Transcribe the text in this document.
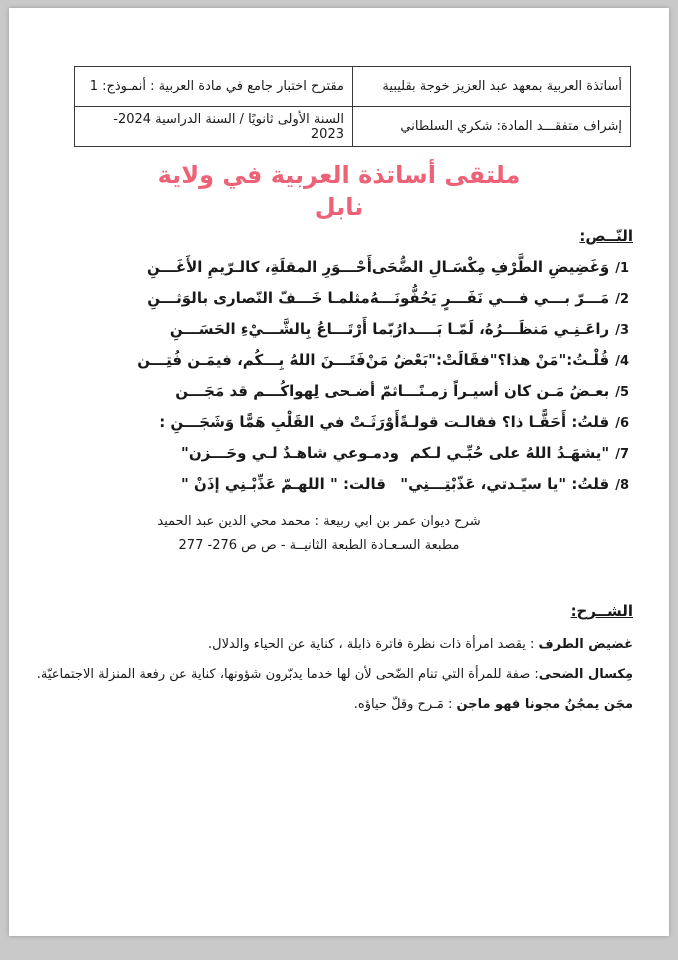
أساتذة العربية بمعهد عبد العزيز خوجة بقليبية	مقترح اختبار جامع في مادة العربية : أنمـوذج: 1
إشراف متفقـــد المادة: شكري السلطاني	السنة الأولى ثانويًا / السنة الدراسية 2024-2023
ملتقى أساتذة العربية في ولاية
نابل
النّــص:
/1وَغَضِيضِ الطَّرْفِ مِكْسَـالِ الضُّحَى
أَحْـــوَرِ المقلَةِ، كالـرّيمِ الأَغَـــنِ
/2مَـــرّ بـــي فـــي نَفَـــرٍ يَحُفُّونَـــهُ
مثلمـا خَـــفّ النّصارى بالوَثـــنِ
/3راعَـنِـي مَنظَـــرُهُ، لَمّـا بَــــدا
رُبّما أَرْتَـــاعُ بِالشَّـــيْءِ الحَسَـــنِ
/4قُلْـتُ:"مَنْ هذا؟"فقَالَتْ:"بَعْضُ مَنْ
فَتَـــنَ اللهُ بِـــكُم، فيمَـن فُتِـــن
/5بعـضُ مَـن كان أسيـراً زمـنًـــا
ثمّ أضـحى لِهواكُـــم قد مَجَـــن
/6قلتُ: أَحَقًّـا ذا؟ فقالـت قولـةً
أَوْرَثَـتْ في القَلْبِ هَمًّا وَشَجَـــنِ :
/7"يشهَـدُ اللهُ على حُبِّـي لـكم
ودمـوعي شاهـدٌ لـي وحَـــزن"
/8قلتُ: "يا سيّـدتي، عَذّبْتِـــنِي"
قالت: " اللهـمّ عَذِّبْـنِي إذَنْ "
شرح ديوان عمر بن ابي ربيعة : محمد محي الدين عبد الحميد
مطبعة السـعـادة الطبعة الثانيــة - ص ص 276- 277
الشــرح:
غضيض الطرف : يقصد امرأة ذات نظرة فاترة ذابلة ، كناية عن الحياء والدلال.
مِكسال الضحى: صفة للمرأة التي تنام الضّحى لأن لها خدما يدبّرون شؤونها، كناية عن رفعة المنزلة الاجتماعيّة.
مجَن يمجُنُ مجونا فهو ماجن : مَـرح وقلّ حياؤه.
